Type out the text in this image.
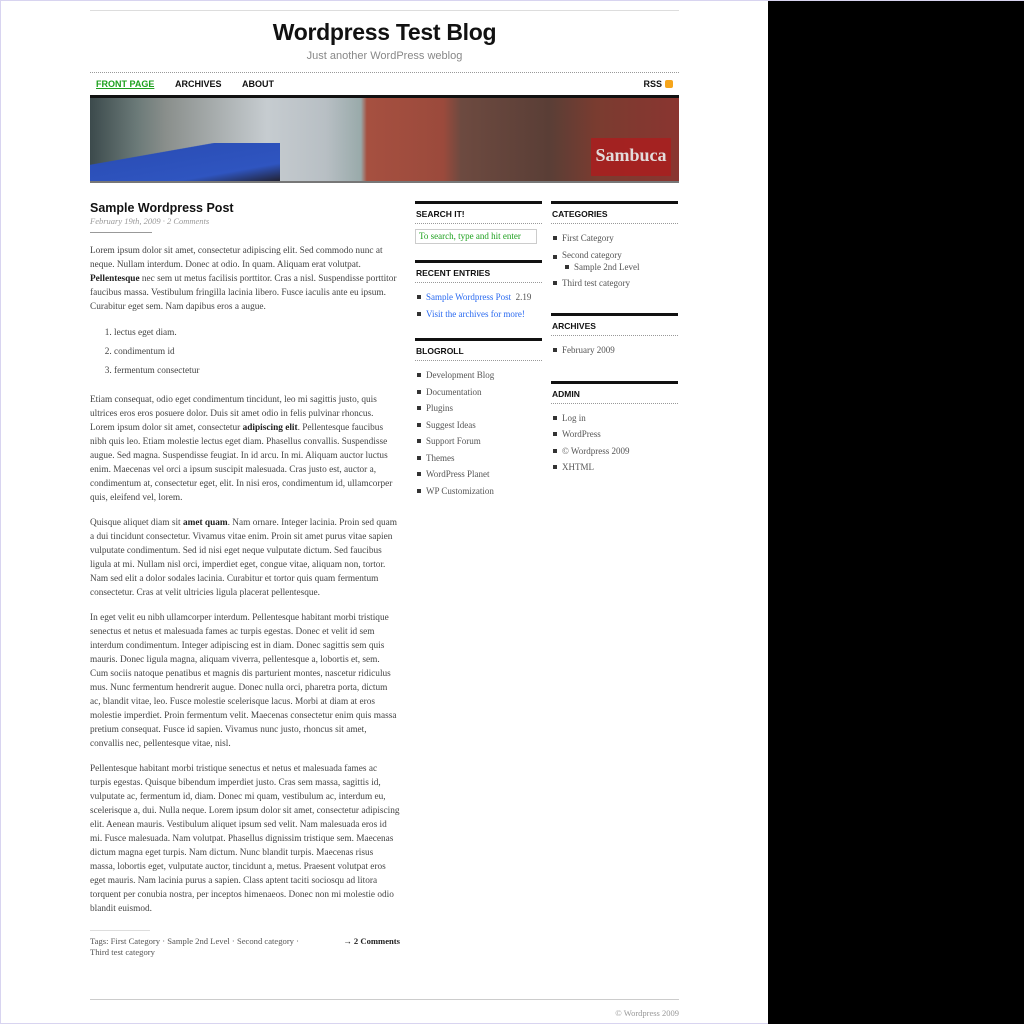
Wordpress Test Blog
Just another WordPress weblog
FRONT PAGE ARCHIVES ABOUT	RSS
Sambuca
Sample Wordpress Post
February 19th, 2009 · 2 Comments

Lorem ipsum dolor sit amet, consectetur adipiscing elit. Sed commodo nunc at neque. Nullam interdum. Donec at odio. In quam. Aliquam erat volutpat. Pellentesque nec sem ut metus facilisis porttitor. Cras a nisl. Suspendisse porttitor faucibus massa. Vestibulum fringilla lacinia libero. Fusce iaculis ante eu ipsum. Curabitur eget sem. Nam dapibus eros a augue.

1. lectus eget diam.
2. condimentum id
3. fermentum consectetur

Etiam consequat, odio eget condimentum tincidunt, leo mi sagittis justo, quis ultrices eros eros posuere dolor. Duis sit amet odio in felis pulvinar rhoncus. Lorem ipsum dolor sit amet, consectetur adipiscing elit. Pellentesque faucibus nibh quis leo. Etiam molestie lectus eget diam. Phasellus convallis. Suspendisse augue. Sed magna. Suspendisse feugiat. In id arcu. In mi. Aliquam auctor luctus enim. Maecenas vel orci a ipsum suscipit malesuada. Cras justo est, auctor a, condimentum at, consectetur eget, elit. In nisi eros, condimentum id, ullamcorper quis, eleifend vel, lorem.

Quisque aliquet diam sit amet quam. Nam ornare. Integer lacinia. Proin sed quam a dui tincidunt consectetur. Vivamus vitae enim. Proin sit amet purus vitae sapien vulputate condimentum. Sed id nisi eget neque vulputate dictum. Sed faucibus ligula at mi. Nullam nisl orci, imperdiet eget, congue vitae, aliquam non, tortor. Nam sed elit a dolor sodales lacinia. Curabitur et tortor quis quam fermentum consectetur. Cras at velit ultricies ligula placerat pellentesque.

In eget velit eu nibh ullamcorper interdum. Pellentesque habitant morbi tristique senectus et netus et malesuada fames ac turpis egestas. Donec et velit id sem interdum condimentum. Integer adipiscing est in diam. Donec sagittis sem quis mauris. Donec ligula magna, aliquam viverra, pellentesque a, lobortis et, sem. Cum sociis natoque penatibus et magnis dis parturient montes, nascetur ridiculus mus. Nunc fermentum hendrerit augue. Donec nulla orci, pharetra porta, dictum ac, blandit vitae, leo. Fusce molestie scelerisque lacus. Morbi at diam at eros molestie imperdiet. Proin fermentum velit. Maecenas consectetur enim quis massa pretium consequat. Fusce id sapien. Vivamus nunc justo, rhoncus sit amet, convallis nec, pellentesque vitae, nisl.

Pellentesque habitant morbi tristique senectus et netus et malesuada fames ac turpis egestas. Quisque bibendum imperdiet justo. Cras sem massa, sagittis id, vulputate ac, fermentum id, diam. Donec mi quam, vestibulum ac, interdum eu, scelerisque a, dui. Nulla neque. Lorem ipsum dolor sit amet, consectetur adipiscing elit. Aenean mauris. Vestibulum aliquet ipsum sed velit. Nam malesuada eros id mi. Fusce malesuada. Nam volutpat. Phasellus dignissim tristique sem. Maecenas dictum magna eget turpis. Nam dictum. Nunc blandit turpis. Maecenas risus massa, lobortis eget, vulputate auctor, tincidunt a, metus. Praesent volutpat eros eget mauris. Nam lacinia purus a sapien. Class aptent taciti sociosqu ad litora torquent per conubia nostra, per inceptos himenaeos. Donec non mi molestie odio blandit euismod.

Tags: First Category · Sample 2nd Level · Second category ·
Third test category
→ 2 Comments
SEARCH IT!
To search, type and hit enter
RECENT ENTRIES
Sample Wordpress Post 2.19
Visit the archives for more!
BLOGROLL
Development Blog
Documentation
Plugins
Suggest Ideas
Support Forum
Themes
WordPress Planet
WP Customization
CATEGORIES
First Category
Second category
Sample 2nd Level
Third test category
ARCHIVES
February 2009
ADMIN
Log in
WordPress
© Wordpress 2009
XHTML
© Wordpress 2009
